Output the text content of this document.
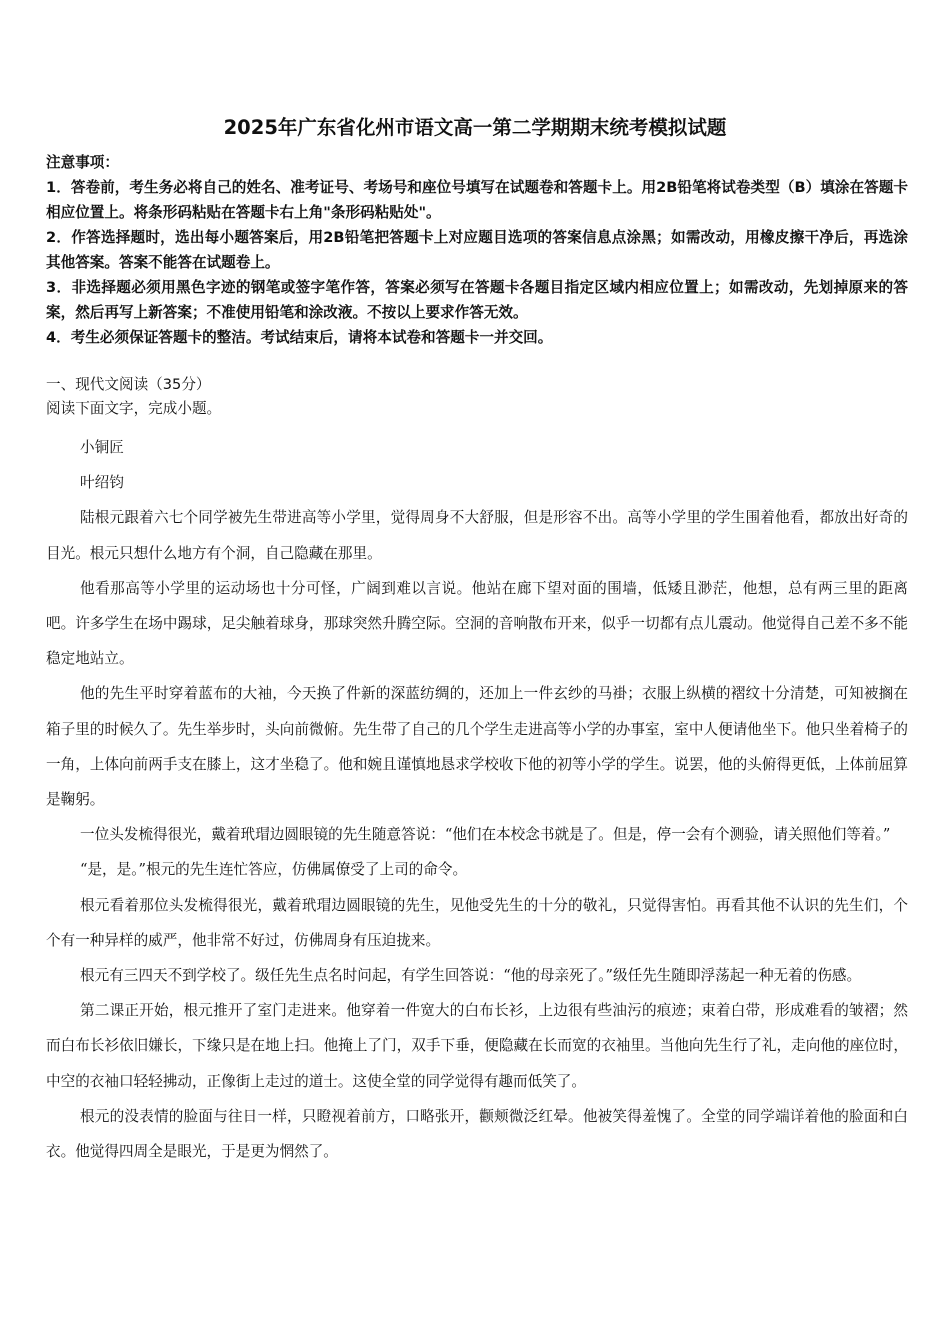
2025年广东省化州市语文高一第二学期期末统考模拟试题
注意事项：
1．答卷前，考生务必将自己的姓名、准考证号、考场号和座位号填写在试题卷和答题卡上。用2B铅笔将试卷类型（B）填涂在答题卡相应位置上。将条形码粘贴在答题卡右上角"条形码粘贴处"。
2．作答选择题时，选出每小题答案后，用2B铅笔把答题卡上对应题目选项的答案信息点涂黑；如需改动，用橡皮擦干净后，再选涂其他答案。答案不能答在试题卷上。
3．非选择题必须用黑色字迹的钢笔或签字笔作答，答案必须写在答题卡各题目指定区域内相应位置上；如需改动，先划掉原来的答案，然后再写上新答案；不准使用铅笔和涂改液。不按以上要求作答无效。
4．考生必须保证答题卡的整洁。考试结束后，请将本试卷和答题卡一并交回。
一、现代文阅读（35分）
阅读下面文字，完成小题。
小铜匠
叶绍钧
陆根元跟着六七个同学被先生带进高等小学里，觉得周身不大舒服，但是形容不出。高等小学里的学生围着他看，都放出好奇的目光。根元只想什么地方有个洞，自己隐藏在那里。
他看那高等小学里的运动场也十分可怪，广阔到难以言说。他站在廊下望对面的围墙，低矮且渺茫，他想，总有两三里的距离吧。许多学生在场中踢球，足尖触着球身，那球突然升腾空际。空洞的音响散布开来，似乎一切都有点儿震动。他觉得自己差不多不能稳定地站立。
他的先生平时穿着蓝布的大袖，今天换了件新的深蓝纺绸的，还加上一件玄纱的马褂；衣服上纵横的褶纹十分清楚，可知被搁在箱子里的时候久了。先生举步时，头向前微俯。先生带了自己的几个学生走进高等小学的办事室，室中人便请他坐下。他只坐着椅子的一角，上体向前两手支在膝上，这才坐稳了。他和婉且谨慎地恳求学校收下他的初等小学的学生。说罢，他的头俯得更低，上体前屈算是鞠躬。
一位头发梳得很光，戴着玳瑁边圆眼镜的先生随意答说：“他们在本校念书就是了。但是，停一会有个测验，请关照他们等着。”
“是，是。”根元的先生连忙答应，仿佛属僚受了上司的命令。
根元看着那位头发梳得很光，戴着玳瑁边圆眼镜的先生，见他受先生的十分的敬礼，只觉得害怕。再看其他不认识的先生们，个个有一种异样的威严，他非常不好过，仿佛周身有压迫拢来。
根元有三四天不到学校了。级任先生点名时问起，有学生回答说：“他的母亲死了。”级任先生随即浮荡起一种无着的伤感。
第二课正开始，根元推开了室门走进来。他穿着一件宽大的白布长衫，上边很有些油污的痕迹；束着白带，形成难看的皱褶；然而白布长衫依旧嫌长，下缘只是在地上扫。他掩上了门，双手下垂，便隐藏在长而宽的衣袖里。当他向先生行了礼，走向他的座位时，中空的衣袖口轻轻拂动，正像街上走过的道士。这使全堂的同学觉得有趣而低笑了。
根元的没表情的脸面与往日一样，只瞪视着前方，口略张开，颧颊微泛红晕。他被笑得羞愧了。全堂的同学端详着他的脸面和白衣。他觉得四周全是眼光，于是更为惘然了。
